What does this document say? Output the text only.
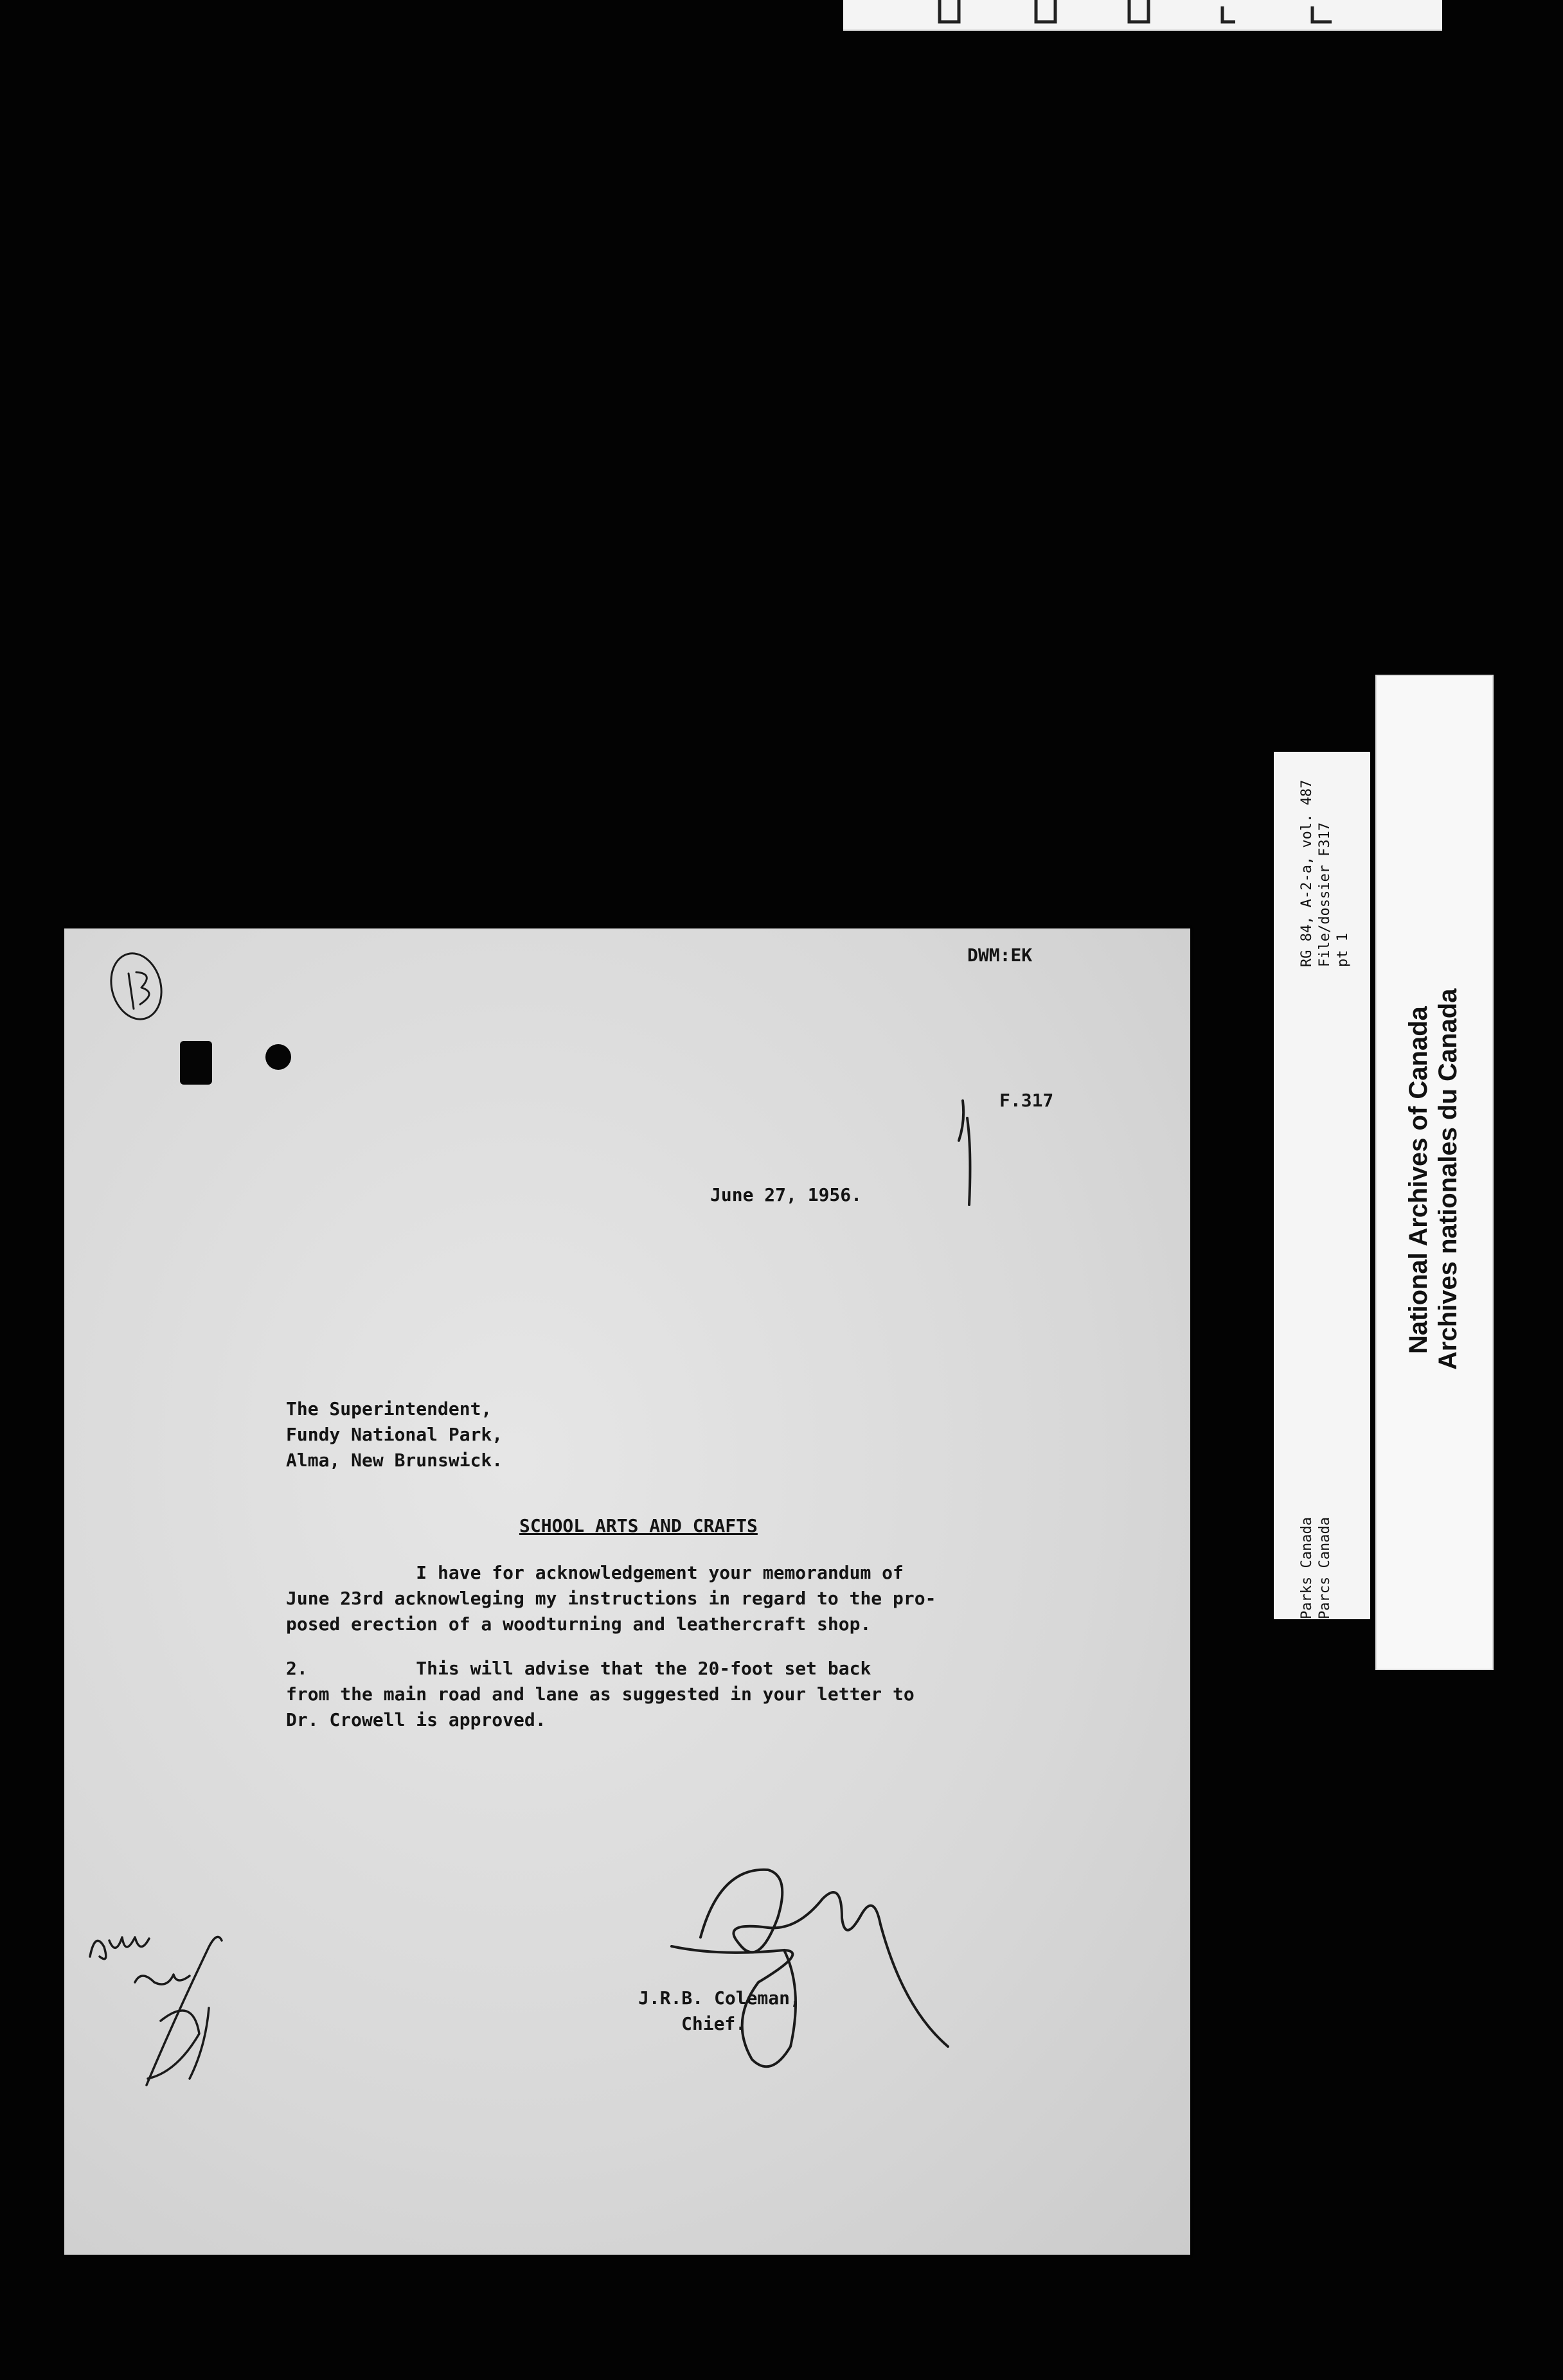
DWM:EK
F.317
June 27, 1956.
The Superintendent,
Fundy National Park,
Alma, New Brunswick.
SCHOOL ARTS AND CRAFTS
I have for acknowledgement your memorandum of
June 23rd acknowleging my instructions in regard to the pro-
posed erection of a woodturning and leathercraft shop.
2.          This will advise that the 20-foot set back
from the main road and lane as suggested in your letter to
Dr. Crowell is approved.
J.R.B. Coleman,
Chief.
RG 84, A-2-a, vol. 487 File/dossier F317 pt 1
Parks Canada Parcs Canada
National Archives of Canada Archives nationales du Canada
